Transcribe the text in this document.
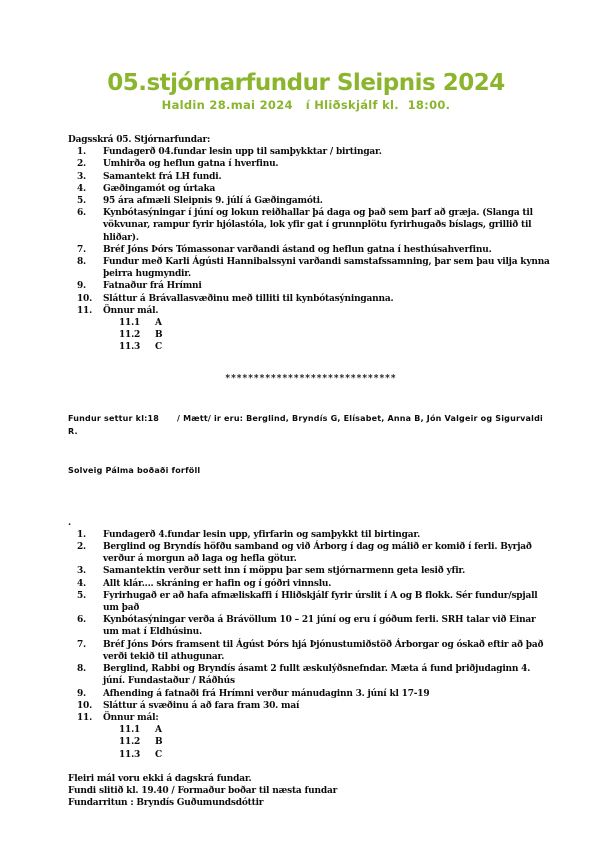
05.stjórnarfundur Sleipnis 2024
Haldin 28.mai 2024   í Hliðskjálf kl.  18:00.
Dagsskrá 05. Stjórnarfundar:
1.	Fundagerð 04.fundar lesin upp til samþykktar / birtingar.
2.	Umhirða og heflun gatna í hverfinu.
3.	Samantekt frá LH fundi.
4.	Gæðingamót og úrtaka
5.	95 ára afmæli Sleipnis 9. júlí á Gæðingamóti.
6.	Kynbótasýningar í júní og lokun reiðhallar þá daga og það sem þarf að græja. (Slanga til vökvunar, rampur fyrir hjólastóla, lok yfir gat í grunnplötu fyrirhugaðs bíslags, grillið til hliðar).
7.	Bréf Jóns Þórs Tómassonar varðandi ástand og heflun gatna í hesthúsahverfinu.
8.	Fundur með Karli Ágústi Hannibalssyni varðandi samstafssamning, þar sem þau vilja kynna þeirra hugmyndir.
9.	Fatnaður frá Hrímni
10.	Sláttur á Brávallasvæðinu með tilliti til kynbótasýninganna.
11.	Önnur mál.
11.1	A
11.2	B
11.3	C
******************************

Fundur settur kl:18      / Mætt/ ir eru: Berglind, Bryndís G, Elísabet, Anna B, Jón Valgeir og Sigurvaldi R.

Solveig Pálma boðaði forföll

.
1.	Fundagerð 4.fundar lesin upp, yfirfarin og samþykkt til birtingar.
2.	Berglind og Bryndís höfðu samband og við Árborg í dag og málið er komið í ferli. Byrjað verður á morgun að laga og hefla götur.
3.	Samantektin verður sett inn í möppu þar sem stjórnarmenn geta lesið yfir.
4.	Allt klár.... skráning er hafin og í góðri vinnslu.
5.	Fyrirhugað er að hafa afmæliskaffi í Hliðskjálf fyrir úrslit í A og B flokk. Sér fundur/spjall um það
6.	Kynbótasýningar verða á Brávöllum 10 – 21 júní og eru í góðum ferli. SRH talar við Einar um mat í Eldhúsinu.
7.	Bréf Jóns Þórs framsent til Ágúst Þórs hjá Þjónustumiðstöð Árborgar og óskað eftir að það verði tekið til athugunar.
8.	Berglind, Rabbi og Bryndís ásamt 2 fullt æskulýðsnefndar. Mæta á fund þriðjudaginn 4. júní. Fundastaður / Ráðhús
9.	Afhending á fatnaði frá Hrímni verður mánudaginn 3. júní kl 17-19
10.	Sláttur á svæðinu á að fara fram 30. maí
11.	Önnur mál:
11.1	A
11.2	B
11.3	C
Fleiri mál voru ekki á dagskrá fundar.
Fundi slitið kl. 19.40 / Formaður boðar til næsta fundar
Fundarritun : Bryndís Guðumundsdóttir
